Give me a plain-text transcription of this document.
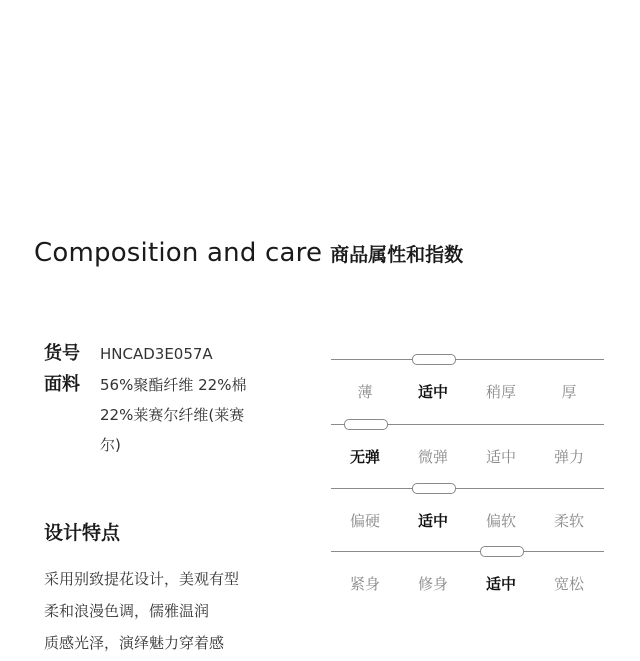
Composition and care 商品属性和指数
货号	HNCAD3E057A
面料	56%聚酯纤维 22%棉
22%莱赛尔纤维(莱赛
尔)
设计特点
采用别致提花设计，美观有型
柔和浪漫色调，儒雅温润
质感光泽，演绎魅力穿着感
薄	适中	稍厚	厚
无弹	微弹	适中	弹力
偏硬	适中	偏软	柔软
紧身	修身	适中	宽松
